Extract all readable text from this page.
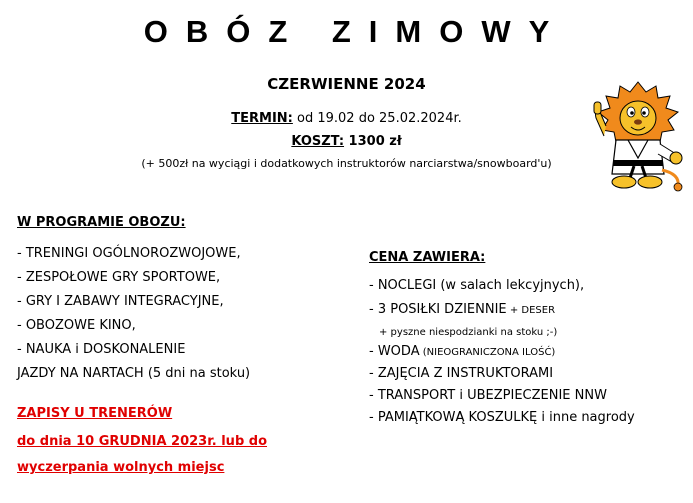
OBÓZ ZIMOWY
CZERWIENNE 2024
TERMIN: od 19.02 do 25.02.2024r.
KOSZT: 1300 zł
(+ 500zł na wyciągi i dodatkowych instruktorów narciarstwa/snowboard'u)
W PROGRAMIE OBOZU:
- TRENINGI OGÓLNOROZWOJOWE,
- ZESPOŁOWE GRY SPORTOWE,
- GRY I ZABAWY INTEGRACYJNE,
- OBOZOWE KINO,
- NAUKA i DOSKONALENIE
JAZDY NA NARTACH (5 dni na stoku)
ZAPISY U TRENERÓW
do dnia 10 GRUDNIA 2023r. lub do
wyczerpania wolnych miejsc
CENA ZAWIERA:
- NOCLEGI (w salach lekcyjnych),
- 3 POSIŁKI DZIENNIE + DESER
+ pyszne niespodzianki na stoku ;-)
- WODA (NIEOGRANICZONA ILOŚĆ)
- ZAJĘCIA Z INSTRUKTORAMI
- TRANSPORT i UBEZPIECZENIE NNW
- PAMIĄTKOWĄ KOSZULKĘ i inne nagrody
